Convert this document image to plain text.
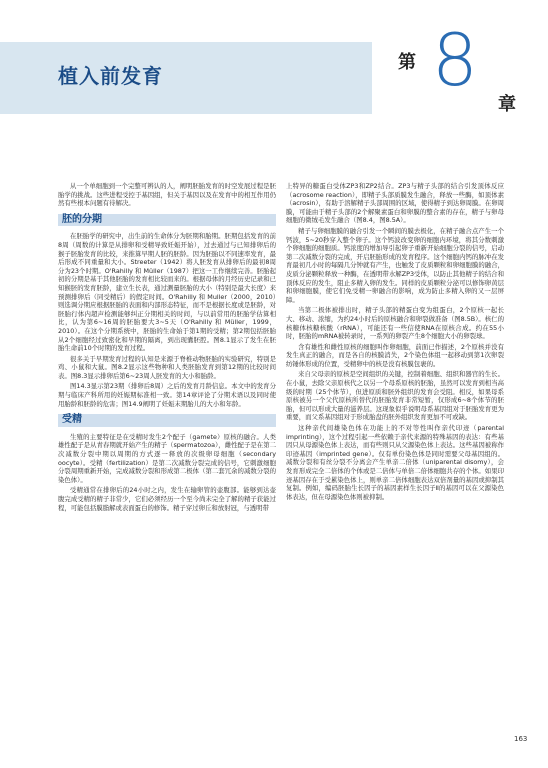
植入前发育
第 8
章

从一个单细胞到一个完整可辨认的人，阐明胚胎发育的时空发展过程是胚胎学的挑战。这些进程受控于基因组，但关于基因以及在发育中的相互作用仍然有些根本问题有待解决。

胚的分期

在胚胎学的研究中，出生前的生命体分为胚期和胎期。胚期包括发育的前8周（周数的计算是从排卵和受精导致妊娠开始），过去通过与已知排卵后的猴子胚胎发育的比较，来推算早期人胚的胚龄。因为胚胎以不同速率发育，最后形成不同重量和大小。Streeter（1942）将人胚发育从排卵后的最初8周分为23个时期。O'Rahilly 和 Müller（1987）把这一工作继续完善。胚胎起初的分期是基于其他胚胎的发育相比较而来的。根据母体的月经历史记录和已知猴胚的发育胚龄，建立生长表，通过测量胚胎的大小（特别是最大长度）来预测排卵后（同受精后）的假定时间。O'Rahilly 和 Muller（2000，2010）则选调分期应根据胚胎的表面和内部形态特征，而不是根据长度或是胚龄，对胚胎行体内超声检测能够纠正分期相关的时间，与以前常用的胚胎学估算相比，认为第6~16周的胚胎要大3~5天（O'Rahilly 和 Müller，1999，2010）。在这个分期系统中，胚胎的生命始于第1期的受精；第2期包括胚胎从2个细胞经过致密化和早期的隔离，到出现囊胚腔。图8.1显示了发生在胚胎生命前10个时期的发育过程。

很多关于早期发育过程的认知是来源于脊椎动物胚胎的实验研究，特别是鸡、小鼠和大鼠。图8.2显示这些物种和人类胚胎发育到第12期的比较时间表。图8.3显示排卵后第6~23周人胚发育的大小和胎龄。

图14.3显示第23期（排卵后8周）之后的发育月龄信息。本文中的发育分期与临床产科所用的妊娠期标准相一致。第14章评论了分期术语以及同时使用胎龄和胚龄的危害；图14.9阐明了妊娠末期胎儿的大小和年龄。

受精

生殖的主要特征是在受精时发生2个配子（gamete）原核的融合。人类雄性配子是从青春期就开始产生的精子（spermatozoa），雌性配子是在第二次减数分裂中期以周期的方式逐一释放的次级卵母细胞（secondary oocyte）。受精（fertilization）是第二次减数分裂完成的信号，它刺激细胞分裂周期重新开始，完成减数分裂和形成第二极体（第二套冗余的减数分裂的染色体）。

受精通常在排卵后的24小时之内，发生在输卵管的壶腹部。能够到达壶腹完成受精的精子非常少，它们必须经历一个至今尚未完全了解的精子获能过程，可能包括膜脂解或表面蛋白的修饰。精子穿过卵丘和放射冠，与透明带

上特异的糖蛋白受体ZP3和ZP2结合。ZP3与精子头部的结合引发顶体反应（acrosome reaction），即精子头部质膜发生融合，释放一些酶，如顶体素（acrosin），有助于溶解精子头部周围的区域，使得精子到达卵周膜。在卵周膜，可能由于精子头部的2个解聚素蛋白和卵膜的整合素的存在，精子与卵母细胞的微绒毛发生融合（图8.4，图8.5A）。

精子与卵细胞膜的融合引发一个瞬间的膜去极化，在精子融合点产生一个钙波，5~20秒穿入整个卵子。这个钙波改变卵的细胞内环境，将其分数刺激个卵细胞的细胞质。钙浓度的增加导引起卵子重新开始细胞分裂的信号，启动第二次减数分裂的完成，开启胚胎形成的发育程序。这个细胞内钙的脉冲在发育最初几小时的每隔几分钟就有产生，也触发了皮质颗粒和卵细胞膜的融合，皮质分泌颗粒释放一种酶，在透明带水解ZP3受体，以防止其他精子的结合和顶体反应的发生，阻止多精入卵的发生。同样的皮质颗粒分泌可以修饰卵黄层和卵细胞膜，使它们免受精一卵融合的影响，成为防止多精入卵的又一层屏障。

当第二极体被排出时，精子头部的精蛋白变为组蛋白，2个原核一起长大、移动、浓缩，为约24小时后的原核融合和卵裂做准备（图8.5B）。核仁的核糖体核糖核酸（rRNA），可能还有一些信使RNA在原核合成。约在55小时，胚胎的mRNA被转录时，一系列的卵裂产生8个细胞大小的卵裂球。

含有雄性和雌性原核的细胞叫作卵细胞，前面已作描述，2个原核并没有发生真正的融合，而是各自的核膜消失，2个染色体组一起移动到第1次卵裂纺锤体形成的位置，受精卵中的核是没有核膜包裹的。

来自父母亲的原核是空间组织的关键，控制着细胞、组织和器官的生长。在小鼠，去除父亲原核代之以另一个母系原核的胚胎，虽然可以发育到相当高级的时期（25个体节），但进原质和胚外组织的发育会受阻。相反，如果母系原核被另一个父代原核所替代的胚胎发育非常短暂，仅形成6~8个体节的胚胎，但可以形成大量的滋养层。这现象似乎说明母系基因组对于胚胎发育更为重要，而父系基因组对于形成胎盘的胚外组织发育更加不可或缺。

这种亲代间雄染色体在功能上的不对等性叫作亲代印迹（parental imprinting），这个过程引起一些依赖于亲代来源的特殊基因的表达：有些基因只从母源染色体上表达，而有些则只从父源染色体上表达。这些基因被称作印迹基因（imprinted gene）。仅有单份染色体是同时需要父母基因组的。减数分裂和有丝分裂不分离会产生单亲二倍体（uniparental disomy），会发育形成完全二倍体的个体或是二倍体与单倍二倍体细胞共存的个体。如果印迹基因存在于受累染色体上，则单亲二倍体细胞表达双倍剂量的基因或抑制其复制。例如，编码胚胎生长因子的基因素样生长因子Ⅱ的基因可以在父源染色体表达，但在母源染色体则被抑制。

163
